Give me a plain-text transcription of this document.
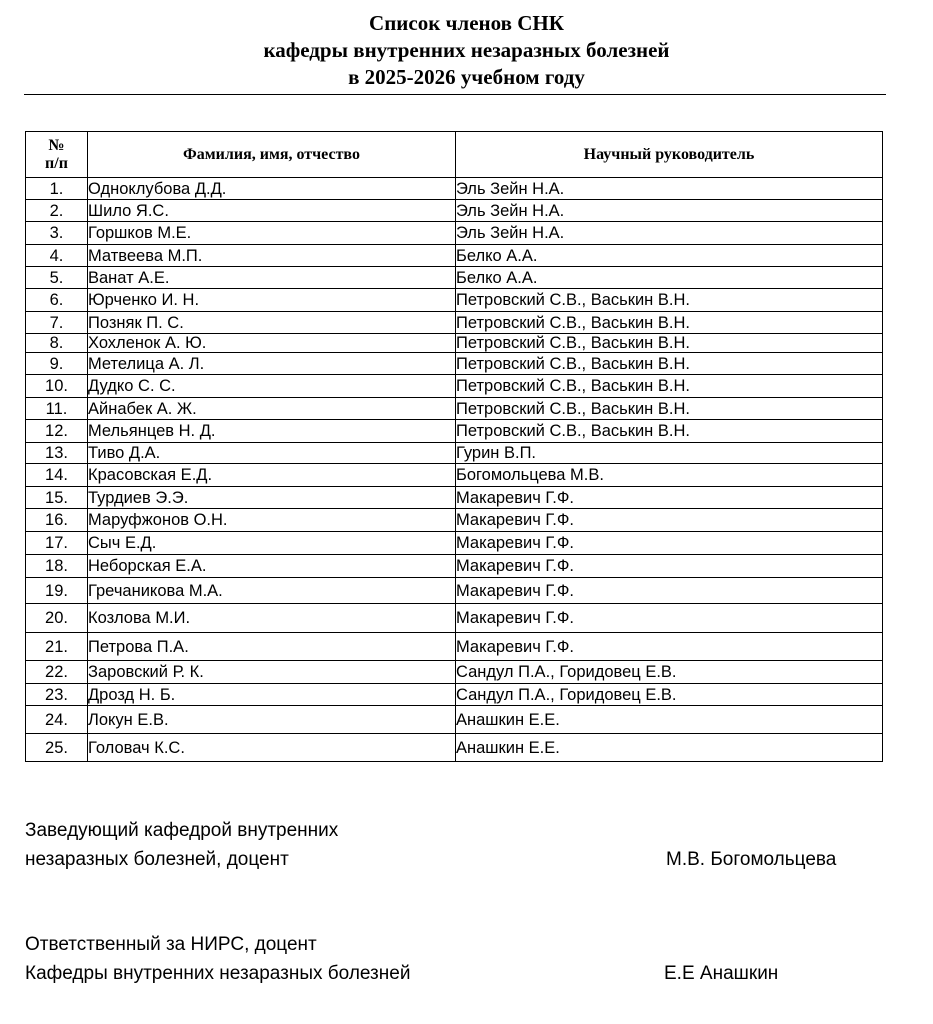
Список членов СНК
кафедры внутренних незаразных болезней
в 2025-2026 учебном году
№
п/п	Фамилия, имя, отчество	Научный руководитель
1.	Одноклубова Д.Д.	Эль Зейн Н.А.
2.	Шило Я.С.	Эль Зейн Н.А.
3.	Горшков М.Е.	Эль Зейн Н.А.
4.	Матвеева М.П.	Белко А.А.
5.	Ванат А.Е.	Белко А.А.
6.	Юрченко И. Н.	Петровский С.В., Васькин В.Н.
7.	Позняк П. С.	Петровский С.В., Васькин В.Н.
8.	Хохленок А. Ю.	Петровский С.В., Васькин В.Н.
9.	Метелица А. Л.	Петровский С.В., Васькин В.Н.
10.	Дудко С. С.	Петровский С.В., Васькин В.Н.
11.	Айнабек А. Ж.	Петровский С.В., Васькин В.Н.
12.	Мельянцев Н. Д.	Петровский С.В., Васькин В.Н.
13.	Тиво Д.А.	Гурин В.П.
14.	Красовская Е.Д.	Богомольцева М.В.
15.	Турдиев Э.Э.	Макаревич Г.Ф.
16.	Маруфжонов О.Н.	Макаревич Г.Ф.
17.	Сыч Е.Д.	Макаревич Г.Ф.
18.	Неборская Е.А.	Макаревич Г.Ф.
19.	Гречаникова М.А.	Макаревич Г.Ф.
20.	Козлова М.И.	Макаревич Г.Ф.
21.	Петрова П.А.	Макаревич Г.Ф.
22.	Заровский Р. К.	Сандул П.А., Горидовец Е.В.
23.	Дрозд Н. Б.	Сандул П.А., Горидовец Е.В.
24.	Локун Е.В.	Анашкин Е.Е.
25.	Головач К.С.	Анашкин Е.Е.
Заведующий кафедрой внутренних
незаразных болезней, доцент	М.В. Богомольцева
Ответственный за НИРС, доцент
Кафедры внутренних незаразных болезней	Е.Е Анашкин
